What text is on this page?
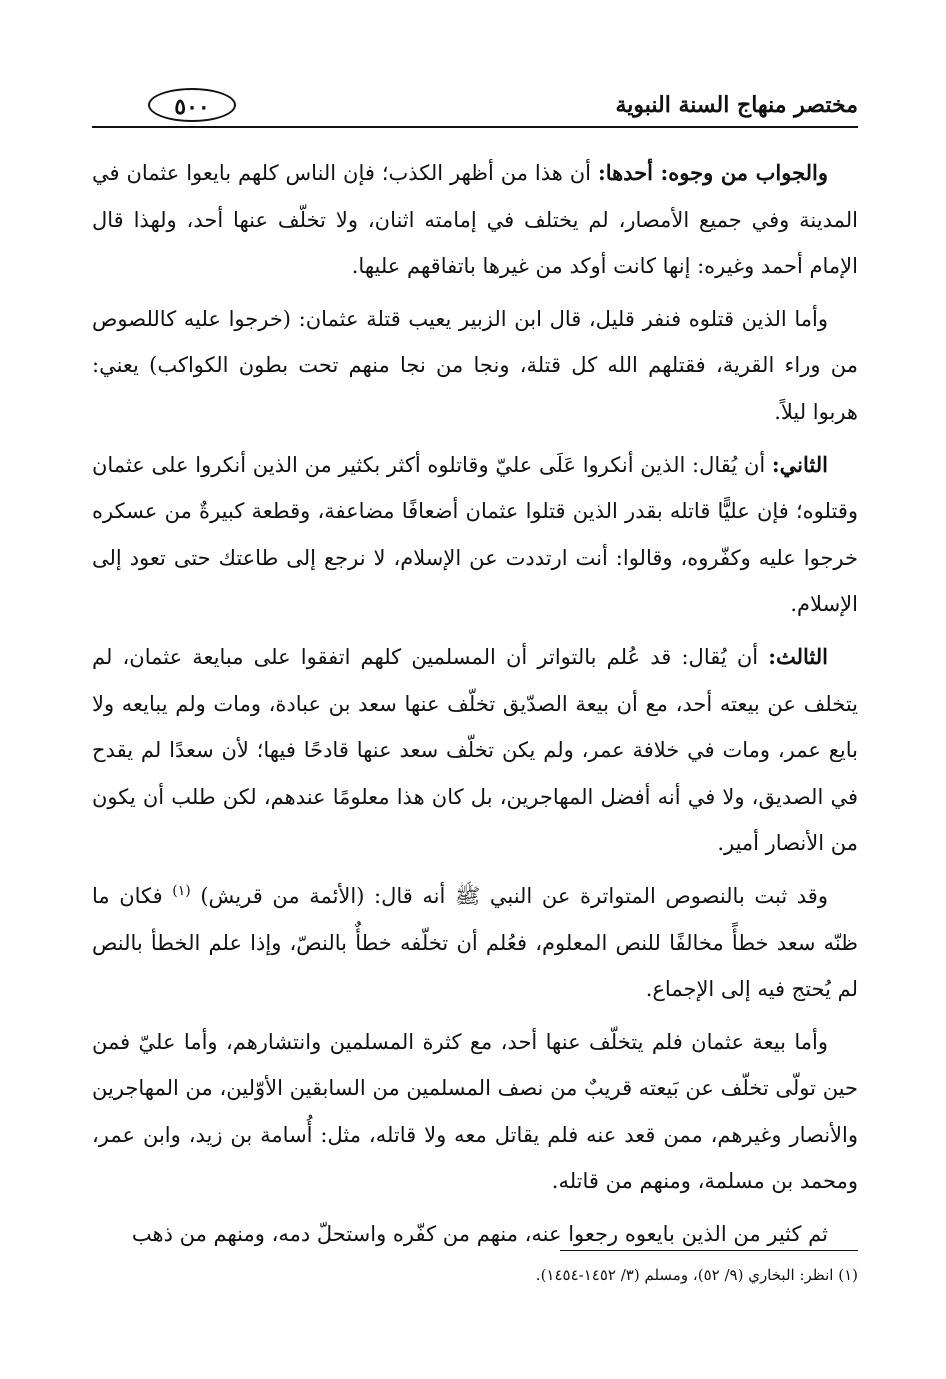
مختصر منهاج السنة النبوية
٥٠٠

والجواب من وجوه: أحدها: أن هذا من أظهر الكذب؛ فإن الناس كلهم بايعوا عثمان في المدينة وفي جميع الأمصار، لم يختلف في إمامته اثنان، ولا تخلّف عنها أحد، ولهذا قال الإمام أحمد وغيره: إنها كانت أوكد من غيرها باتفاقهم عليها.

وأما الذين قتلوه فنفر قليل، قال ابن الزبير يعيب قتلة عثمان: (خرجوا عليه كاللصوص من وراء القرية، فقتلهم الله كل قتلة، ونجا من نجا منهم تحت بطون الكواكب) يعني: هربوا ليلاً.

الثاني: أن يُقال: الذين أنكروا عَلَى عليّ وقاتلوه أكثر بكثير من الذين أنكروا على عثمان وقتلوه؛ فإن عليًّا قاتله بقدر الذين قتلوا عثمان أضعافًا مضاعفة، وقطعة كبيرةٌ من عسكره خرجوا عليه وكفّروه، وقالوا: أنت ارتددت عن الإسلام، لا نرجع إلى طاعتك حتى تعود إلى الإسلام.

الثالث: أن يُقال: قد عُلم بالتواتر أن المسلمين كلهم اتفقوا على مبايعة عثمان، لم يتخلف عن بيعته أحد، مع أن بيعة الصدّيق تخلّف عنها سعد بن عبادة، ومات ولم يبايعه ولا بايع عمر، ومات في خلافة عمر، ولم يكن تخلّف سعد عنها قادحًا فيها؛ لأن سعدًا لم يقدح في الصديق، ولا في أنه أفضل المهاجرين، بل كان هذا معلومًا عندهم، لكن طلب أن يكون من الأنصار أمير.

وقد ثبت بالنصوص المتواترة عن النبي ﷺ أنه قال: (الأئمة من قريش) $^{(١)}$ فكان ما ظنّه سعد خطأً مخالفًا للنص المعلوم، فعُلم أن تخلّفه خطأٌ بالنصّ، وإذا علم الخطأ بالنص لم يُحتج فيه إلى الإجماع.

وأما بيعة عثمان فلم يتخلّف عنها أحد، مع كثرة المسلمين وانتشارهم، وأما عليّ فمن حين تولّى تخلّف عن بَيعته قريبٌ من نصف المسلمين من السابقين الأوّلين، من المهاجرين والأنصار وغيرهم، ممن قعد عنه فلم يقاتل معه ولا قاتله، مثل: أُسامة بن زيد، وابن عمر، ومحمد بن مسلمة، ومنهم من قاتله.

ثم كثير من الذين بايعوه رجعوا عنه، منهم من كفّره واستحلّ دمه، ومنهم من ذهب

(١) انظر: البخاري (٩/ ٥٢)، ومسلم (٣/ ١٤٥٢-١٤٥٤).
